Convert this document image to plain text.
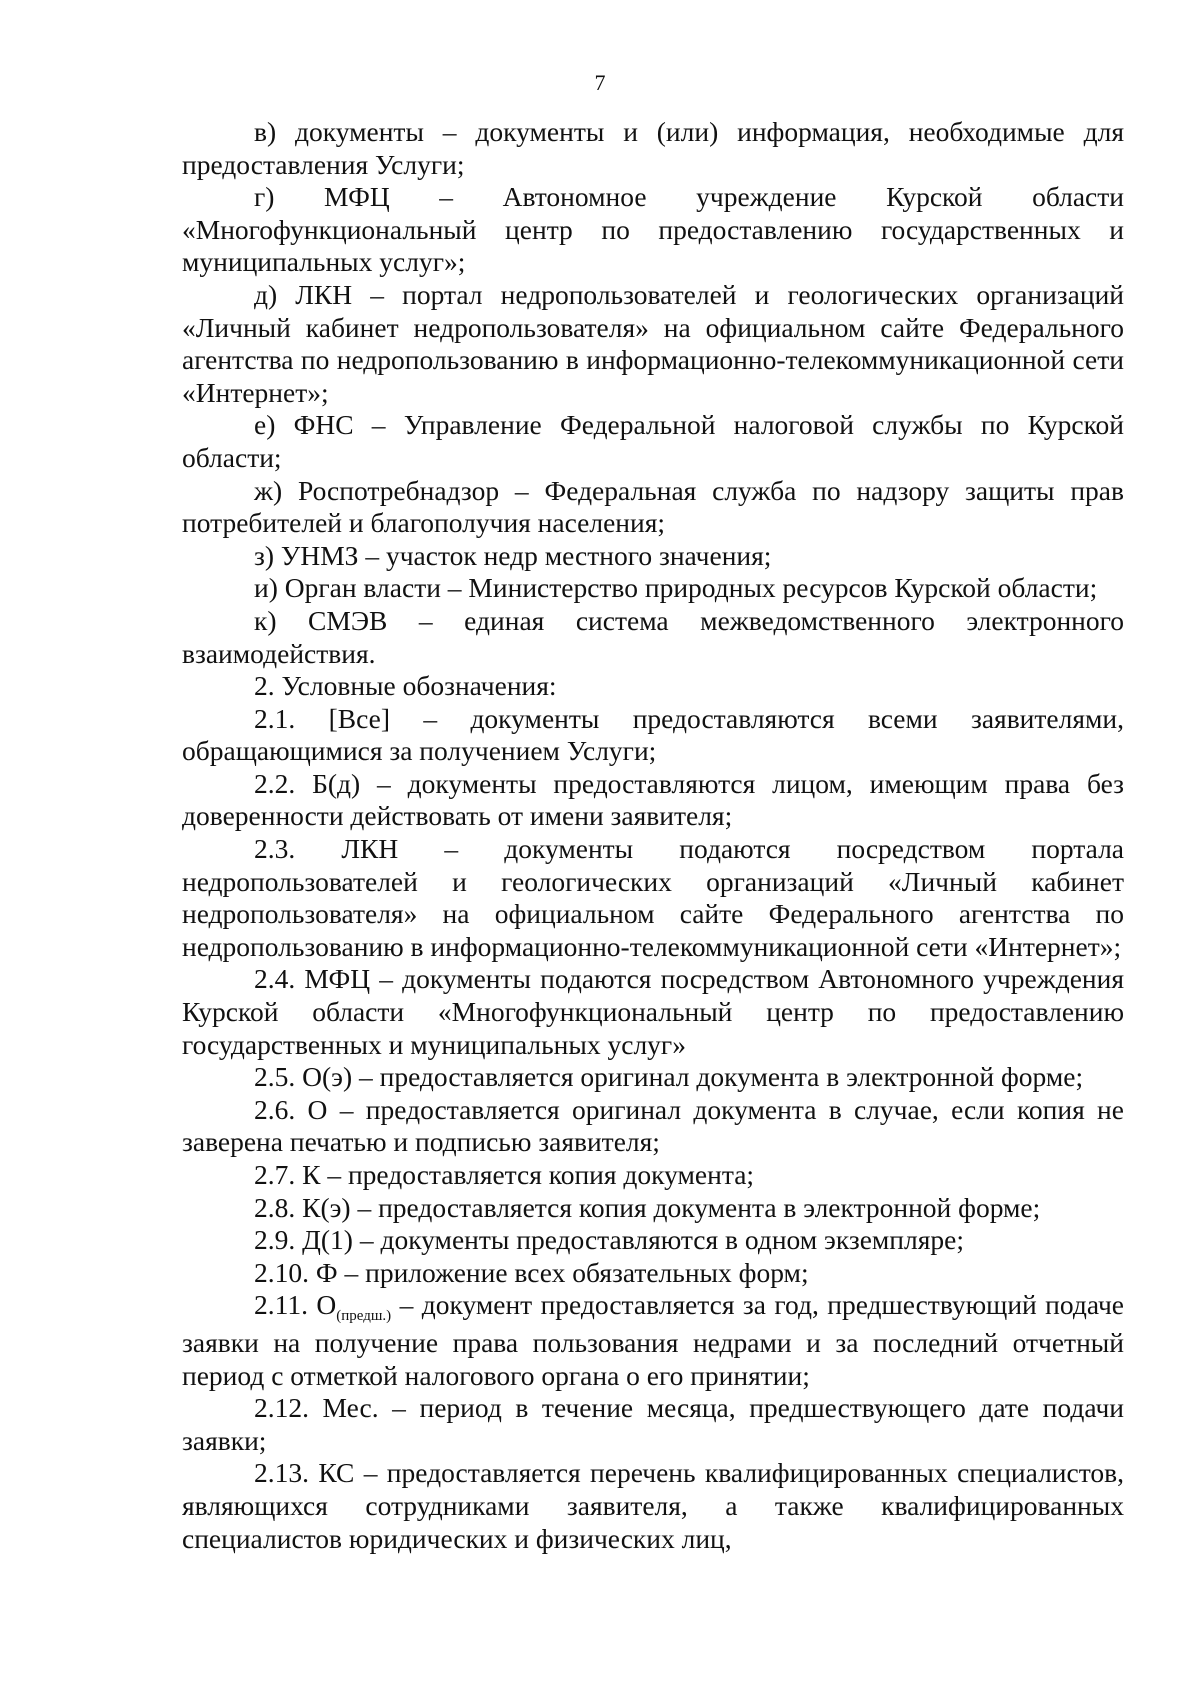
7

в) документы – документы и (или) информация, необходимые для предоставления Услуги;

г) МФЦ – Автономное учреждение Курской области «Многофункциональный центр по предоставлению государственных и муниципальных услуг»;

д) ЛКН – портал недропользователей и геологических организаций «Личный кабинет недропользователя» на официальном сайте Федерального агентства по недропользованию в информационно-телекоммуникационной сети «Интернет»;

е) ФНС – Управление Федеральной налоговой службы по Курской области;

ж) Роспотребнадзор – Федеральная служба по надзору защиты прав потребителей и благополучия населения;

з) УНМЗ – участок недр местного значения;

и) Орган власти – Министерство природных ресурсов Курской области;

к) СМЭВ – единая система межведомственного электронного взаимодействия.

2. Условные обозначения:

2.1. [Все] – документы предоставляются всеми заявителями, обращающимися за получением Услуги;

2.2. Б(д) – документы предоставляются лицом, имеющим права без доверенности действовать от имени заявителя;

2.3. ЛКН – документы подаются посредством портала недропользователей и геологических организаций «Личный кабинет недропользователя» на официальном сайте Федерального агентства по недропользованию в информационно-телекоммуникационной сети «Интернет»;

2.4. МФЦ – документы подаются посредством Автономного учреждения Курской области «Многофункциональный центр по предоставлению государственных и муниципальных услуг»

2.5. О(э) – предоставляется оригинал документа в электронной форме;

2.6. О – предоставляется оригинал документа в случае, если копия не заверена печатью и подписью заявителя;

2.7. К – предоставляется копия документа;

2.8. К(э) – предоставляется копия документа в электронной форме;

2.9. Д(1) – документы предоставляются в одном экземпляре;

2.10. Ф – приложение всех обязательных форм;

2.11. $О_{(предш.)}$ – документ предоставляется за год, предшествующий подаче заявки на получение права пользования недрами и за последний отчетный период с отметкой налогового органа о его принятии;

2.12. Мес. – период в течение месяца, предшествующего дате подачи заявки;

2.13. КС – предоставляется перечень квалифицированных специалистов, являющихся сотрудниками заявителя, а также квалифицированных специалистов юридических и физических лиц,
